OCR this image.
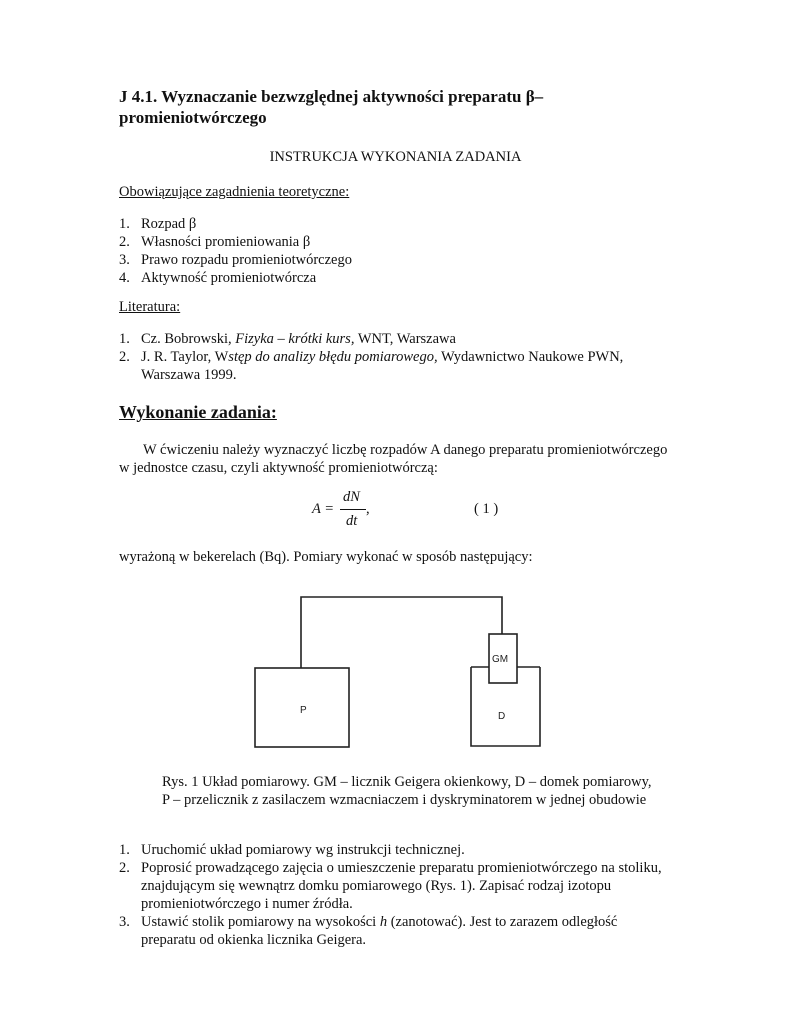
J 4.1. Wyznaczanie bezwzględnej aktywności preparatu β–
promieniotwórczego
INSTRUKCJA WYKONANIA ZADANIA
Obowiązujące zagadnienia teoretyczne:
1. Rozpad β
2. Własności promieniowania β
3. Prawo rozpadu promieniotwórczego
4. Aktywność promieniotwórcza
Literatura:
1. Cz. Bobrowski, Fizyka – krótki kurs, WNT, Warszawa
2. J. R. Taylor, Wstęp do analizy błędu pomiarowego, Wydawnictwo Naukowe PWN,
Warszawa 1999.
Wykonanie zadania:
W ćwiczeniu należy wyznaczyć liczbę rozpadów A danego preparatu promieniotwórczego
w jednostce czasu, czyli aktywność promieniotwórczą:
A =
dN
dt
,	( 1 )
wyrażoną w bekerelach (Bq). Pomiary wykonać w sposób następujący:
GM
P
D
Rys. 1 Układ pomiarowy. GM – licznik Geigera okienkowy, D – domek pomiarowy,
P – przelicznik z zasilaczem wzmacniaczem i dyskryminatorem w jednej obudowie
1. Uruchomić układ pomiarowy wg instrukcji technicznej.
2. Poprosić prowadzącego zajęcia o umieszczenie preparatu promieniotwórczego na stoliku,
znajdującym się wewnątrz domku pomiarowego (Rys. 1). Zapisać rodzaj izotopu
promieniotwórczego i numer źródła.
3. Ustawić stolik pomiarowy na wysokości h (zanotować). Jest to zarazem odległość
preparatu od okienka licznika Geigera.
